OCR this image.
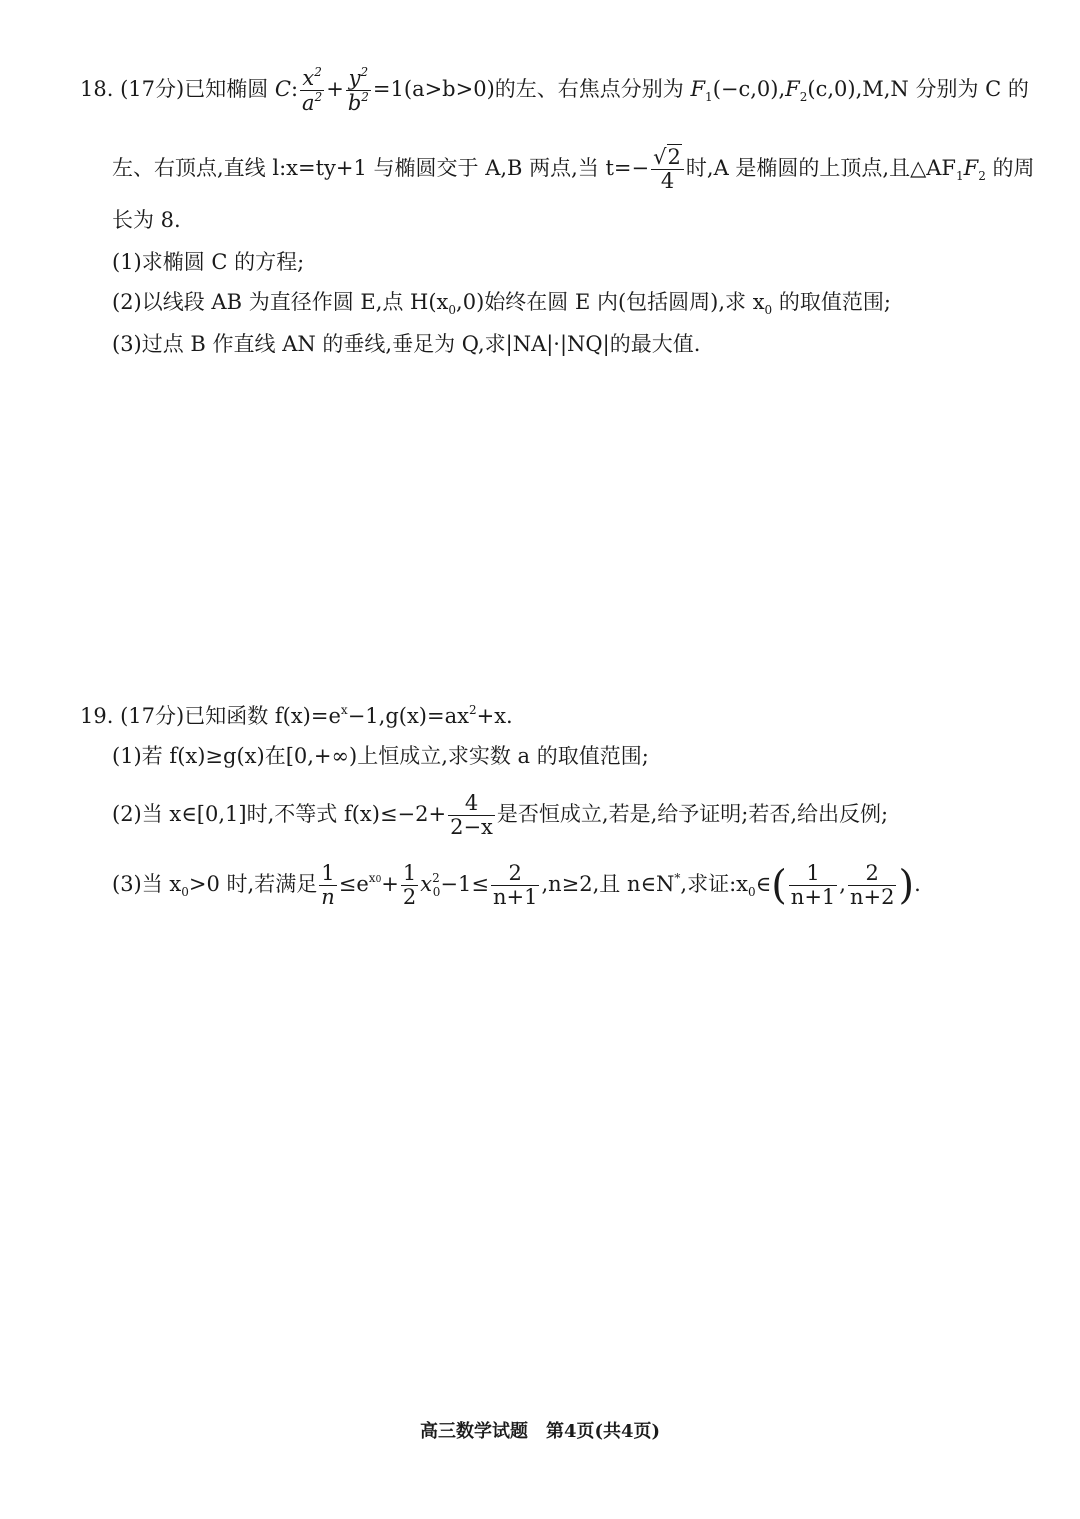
18. (17分)已知椭圆 C: $\frac{x^2}{a^2} + \frac{y^2}{b^2} =1(a>b>0)$的左、右焦点分别为 $F_1(-c,0),F_2(c,0),M,N$ 分别为 C 的
左、右顶点,直线 l:x=ty+1 与椭圆交于 A,B 两点,当 $t=- \frac{√2}{4}$ 时,A 是椭圆的上顶点,且$\triangle AF_1F_2$ 的周
长为 8.
(1)求椭圆 C 的方程;
(2)以线段 AB 为直径作圆 E,点 $H(x_0,0)$始终在圆 E 内(包括圆周),求 $x_0$ 的取值范围;
(3)过点 B 作直线 AN 的垂线,垂足为 Q,求|NA|·|NQ|的最大值.
19. (17分)已知函数 $f(x)=e^x-1,g(x)=ax^2+x$.
(1)若 f(x)≥g(x)在[0,+∞)上恒成立,求实数 a 的取值范围;
(2)当 x∈[0,1]时,不等式 $f(x)\le-2+ \frac{4}{2-x}$ 是否恒成立,若是,给予证明;若否,给出反例;
(3)当 $x_0>0$ 时,若满足 $\frac{1}{n} \le e^{x0}+ \frac{1}{2} x^2_0-1\le \frac{2}{n+1} ,n\ge 2$,且 n∈N*,求证$:x_0\in( \frac{1}{n+1}$ , $\frac{2}{n+2}$ ).
高三数学试题　第4页(共4页)
